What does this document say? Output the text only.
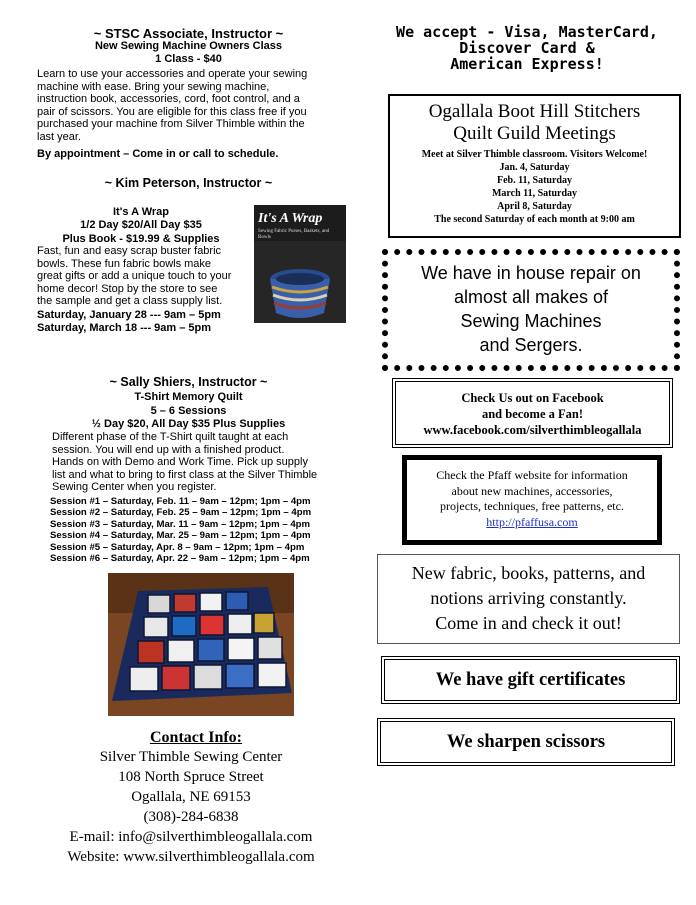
~ STSC Associate, Instructor ~
New Sewing Machine Owners Class
1 Class - $40
Learn to use your accessories and operate your sewing
machine with ease. Bring your sewing machine,
instruction book, accessories, cord, foot control, and a
pair of scissors. You are eligible for this class free if you
purchased your machine from Silver Thimble within the
last year.
By appointment – Come in or call to schedule.
~ Kim Peterson, Instructor ~
It's A Wrap
1/2 Day $20/All Day $35
Plus Book - $19.99 & Supplies
Fast, fun and easy scrap buster fabric
bowls. These fun fabric bowls make
great gifts or add a unique touch to your
home decor! Stop by the store to see
the sample and get a class supply list.
Saturday, January 28 --- 9am – 5pm
Saturday, March 18 --- 9am – 5pm
It's A Wrap
Sewing Fabric Purses, Baskets, and Bowls
~ Sally Shiers, Instructor ~
T-Shirt Memory Quilt
5 – 6 Sessions
½ Day $20, All Day $35 Plus Supplies
Different phase of the T-Shirt quilt taught at each
session. You will end up with a finished product.
Hands on with Demo and Work Time. Pick up supply
list and what to bring to first class at the Silver Thimble
Sewing Center when you register.
Session #1 – Saturday, Feb. 11 – 9am – 12pm; 1pm – 4pm
Session #2 – Saturday, Feb. 25 – 9am – 12pm; 1pm – 4pm
Session #3 – Saturday, Mar. 11 – 9am – 12pm; 1pm – 4pm
Session #4 – Saturday, Mar. 25 – 9am – 12pm; 1pm – 4pm
Session #5 – Saturday, Apr. 8 – 9am – 12pm; 1pm – 4pm
Session #6 – Saturday, Apr. 22 – 9am – 12pm; 1pm – 4pm
Contact Info:
Silver Thimble Sewing Center
108 North Spruce Street
Ogallala, NE 69153
(308)-284-6838
E-mail: info@silverthimbleogallala.com
Website: www.silverthimbleogallala.com
We accept - Visa, MasterCard,
Discover Card &
American Express!
Ogallala Boot Hill Stitchers
Quilt Guild Meetings
Meet at Silver Thimble classroom. Visitors Welcome!
Jan. 4, Saturday
Feb. 11, Saturday
March 11, Saturday
April 8, Saturday
The second Saturday of each month at 9:00 am
We have in house repair on
almost all makes of
Sewing Machines
and Sergers.
Check Us out on Facebook
and become a Fan!
www.facebook.com/silverthimbleogallala
Check the Pfaff website for information
about new machines, accessories,
projects, techniques, free patterns, etc.
http://pfaffusa.com
New fabric, books, patterns, and
notions arriving constantly.
Come in and check it out!
We have gift certificates
We sharpen scissors
